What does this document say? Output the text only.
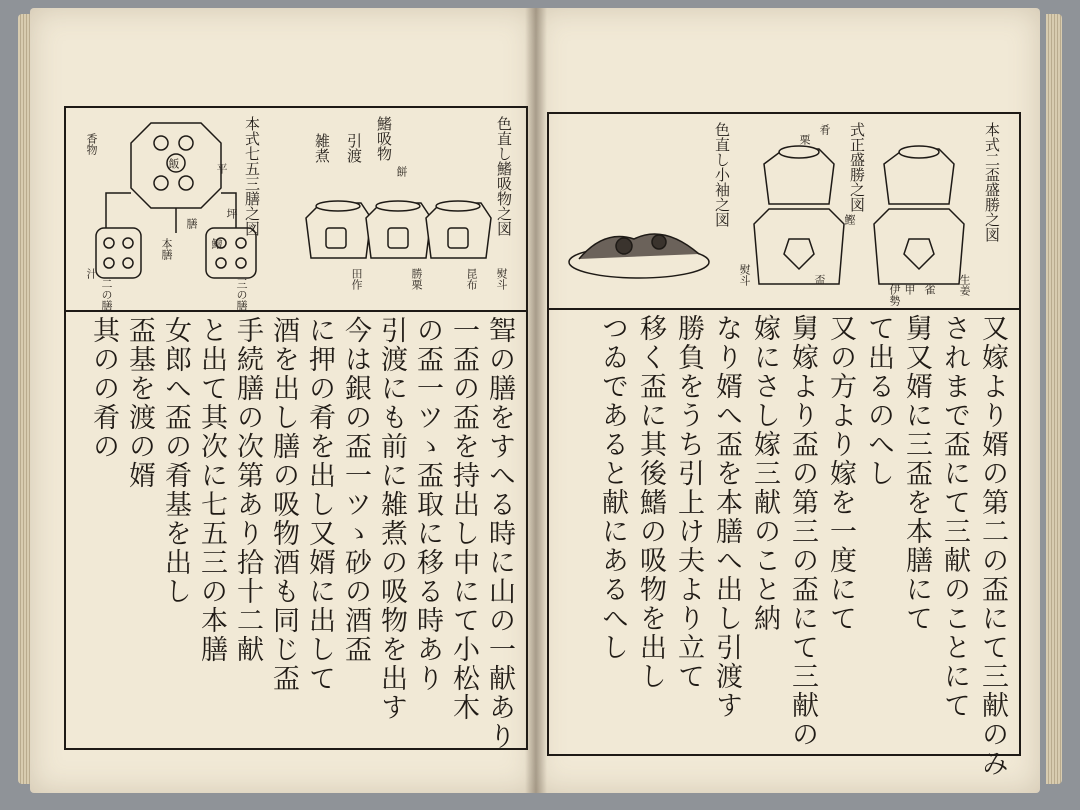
本式七五三膳之図	鰭吸物
引渡
雑煮	色直し鰭吸物之図
香物
飯
汁
平
坪
膳
鱠
二の膳	三の膳
本膳
餅
昆布 熨斗
勝栗
田作
聟の膳をすへる時に山の一献あり
一盃の盃を持出し中にて小松木
の盃一ツゝ盃取に移る時あり
引渡にも前に雑煮の吸物を出す
今は銀の盃一ツゝ砂の酒盃
に押の肴を出し又婿に出して
酒を出し膳の吸物酒も同じ盃
手続膳の次第あり拾十二献
と出て其次に七五三の本膳
女郎へ盃の肴基を出し
盃基を渡の婿
其のの肴の
本式二盃盛勝之図
式正盛勝之図
色直し小袖之図
生姜
伊勢 甲 雀
鰹
栗
肴
盃
熨斗
又嫁より婿の第二の盃にて三献のみ
されまで盃にて三献のことにて
舅又婿に三盃を本膳にて
て出るのへし
又の方より嫁を一度にて
舅嫁より盃の第三の盃にて三献の
嫁にさし嫁三献のこと納
なり婿へ盃を本膳へ出し引渡す
勝負をうち引上け夫より立て
移く盃に其後鰭の吸物を出し
つゐであると献にあるへし
